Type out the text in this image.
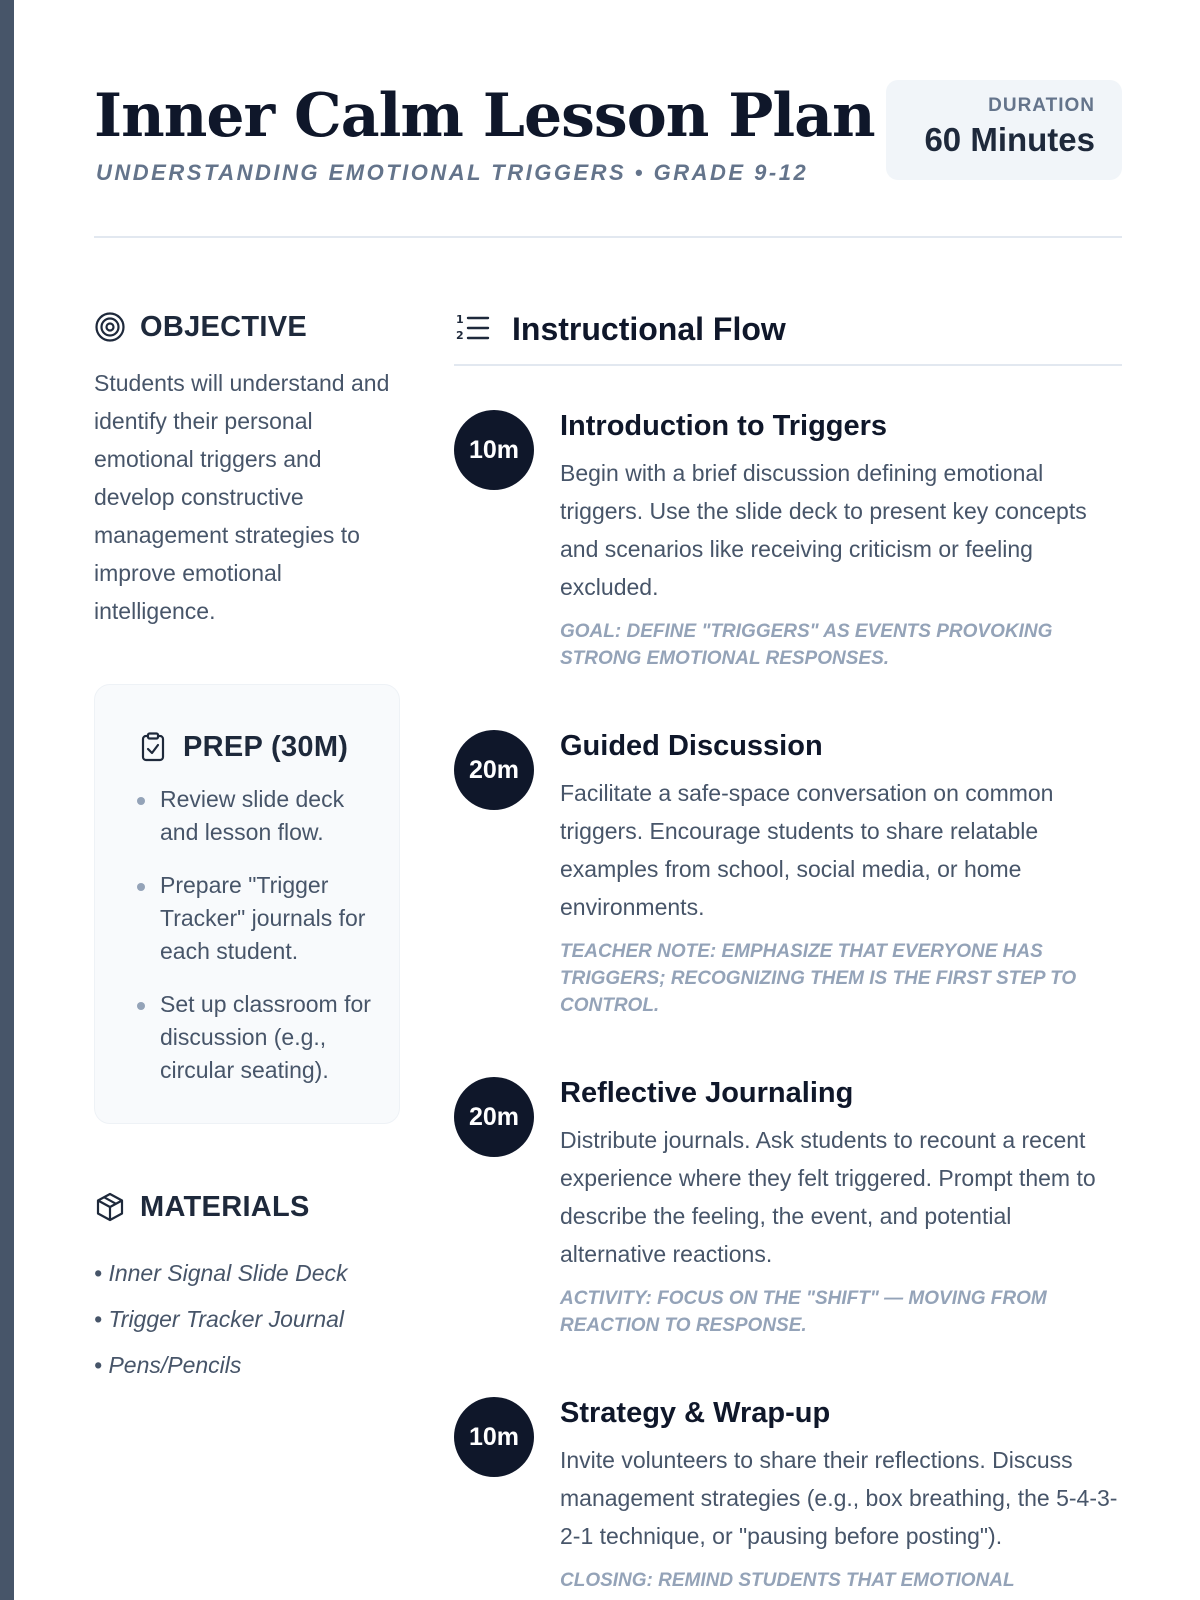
Inner Calm Lesson Plan
UNDERSTANDING EMOTIONAL TRIGGERS • GRADE 9-12
DURATION
60 Minutes
OBJECTIVE
Students will understand and identify their personal emotional triggers and develop constructive management strategies to improve emotional intelligence.
PREP (30M)
Review slide deck and lesson flow.
Prepare "Trigger Tracker" journals for each student.
Set up classroom for discussion (e.g., circular seating).
MATERIALS
• Inner Signal Slide Deck
• Trigger Tracker Journal
• Pens/Pencils
1
2 Instructional Flow
10m
Introduction to Triggers
Begin with a brief discussion defining emotional triggers. Use the slide deck to present key concepts and scenarios like receiving criticism or feeling excluded.
GOAL: DEFINE "TRIGGERS" AS EVENTS PROVOKING STRONG EMOTIONAL RESPONSES.
20m
Guided Discussion
Facilitate a safe-space conversation on common triggers. Encourage students to share relatable examples from school, social media, or home environments.
TEACHER NOTE: EMPHASIZE THAT EVERYONE HAS TRIGGERS; RECOGNIZING THEM IS THE FIRST STEP TO CONTROL.
20m
Reflective Journaling
Distribute journals. Ask students to recount a recent experience where they felt triggered. Prompt them to describe the feeling, the event, and potential alternative reactions.
ACTIVITY: FOCUS ON THE "SHIFT" — MOVING FROM REACTION TO RESPONSE.
10m
Strategy & Wrap-up
Invite volunteers to share their reflections. Discuss management strategies (e.g., box breathing, the 5-4-3-2-1 technique, or "pausing before posting").
CLOSING: REMIND STUDENTS THAT EMOTIONAL
